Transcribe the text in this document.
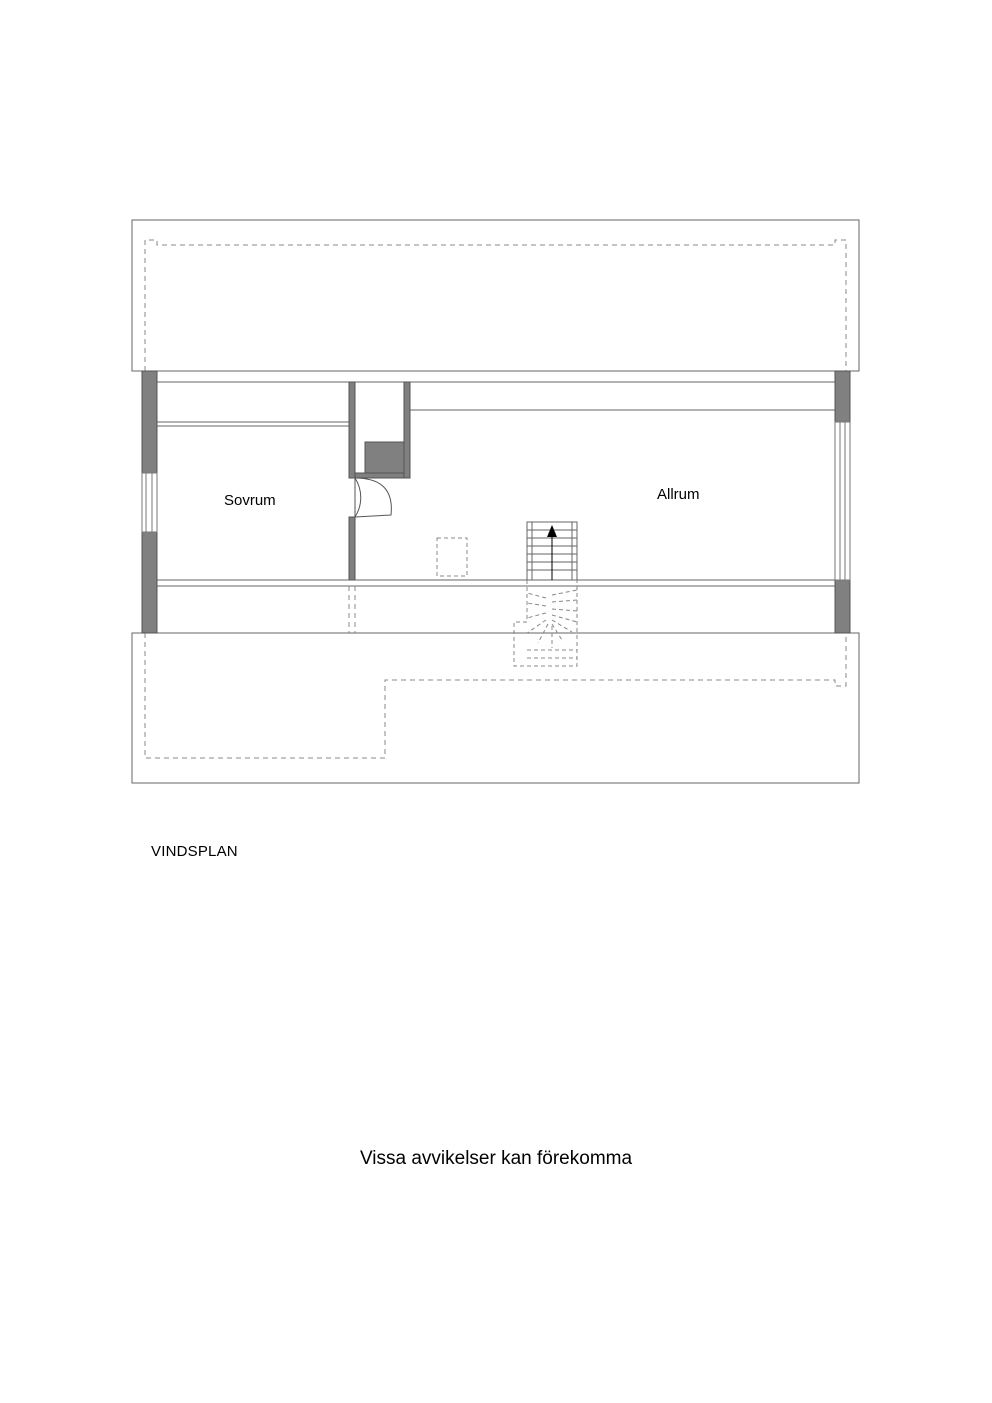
Sovrum	Allrum
VINDSPLAN
Vissa avvikelser kan förekomma
